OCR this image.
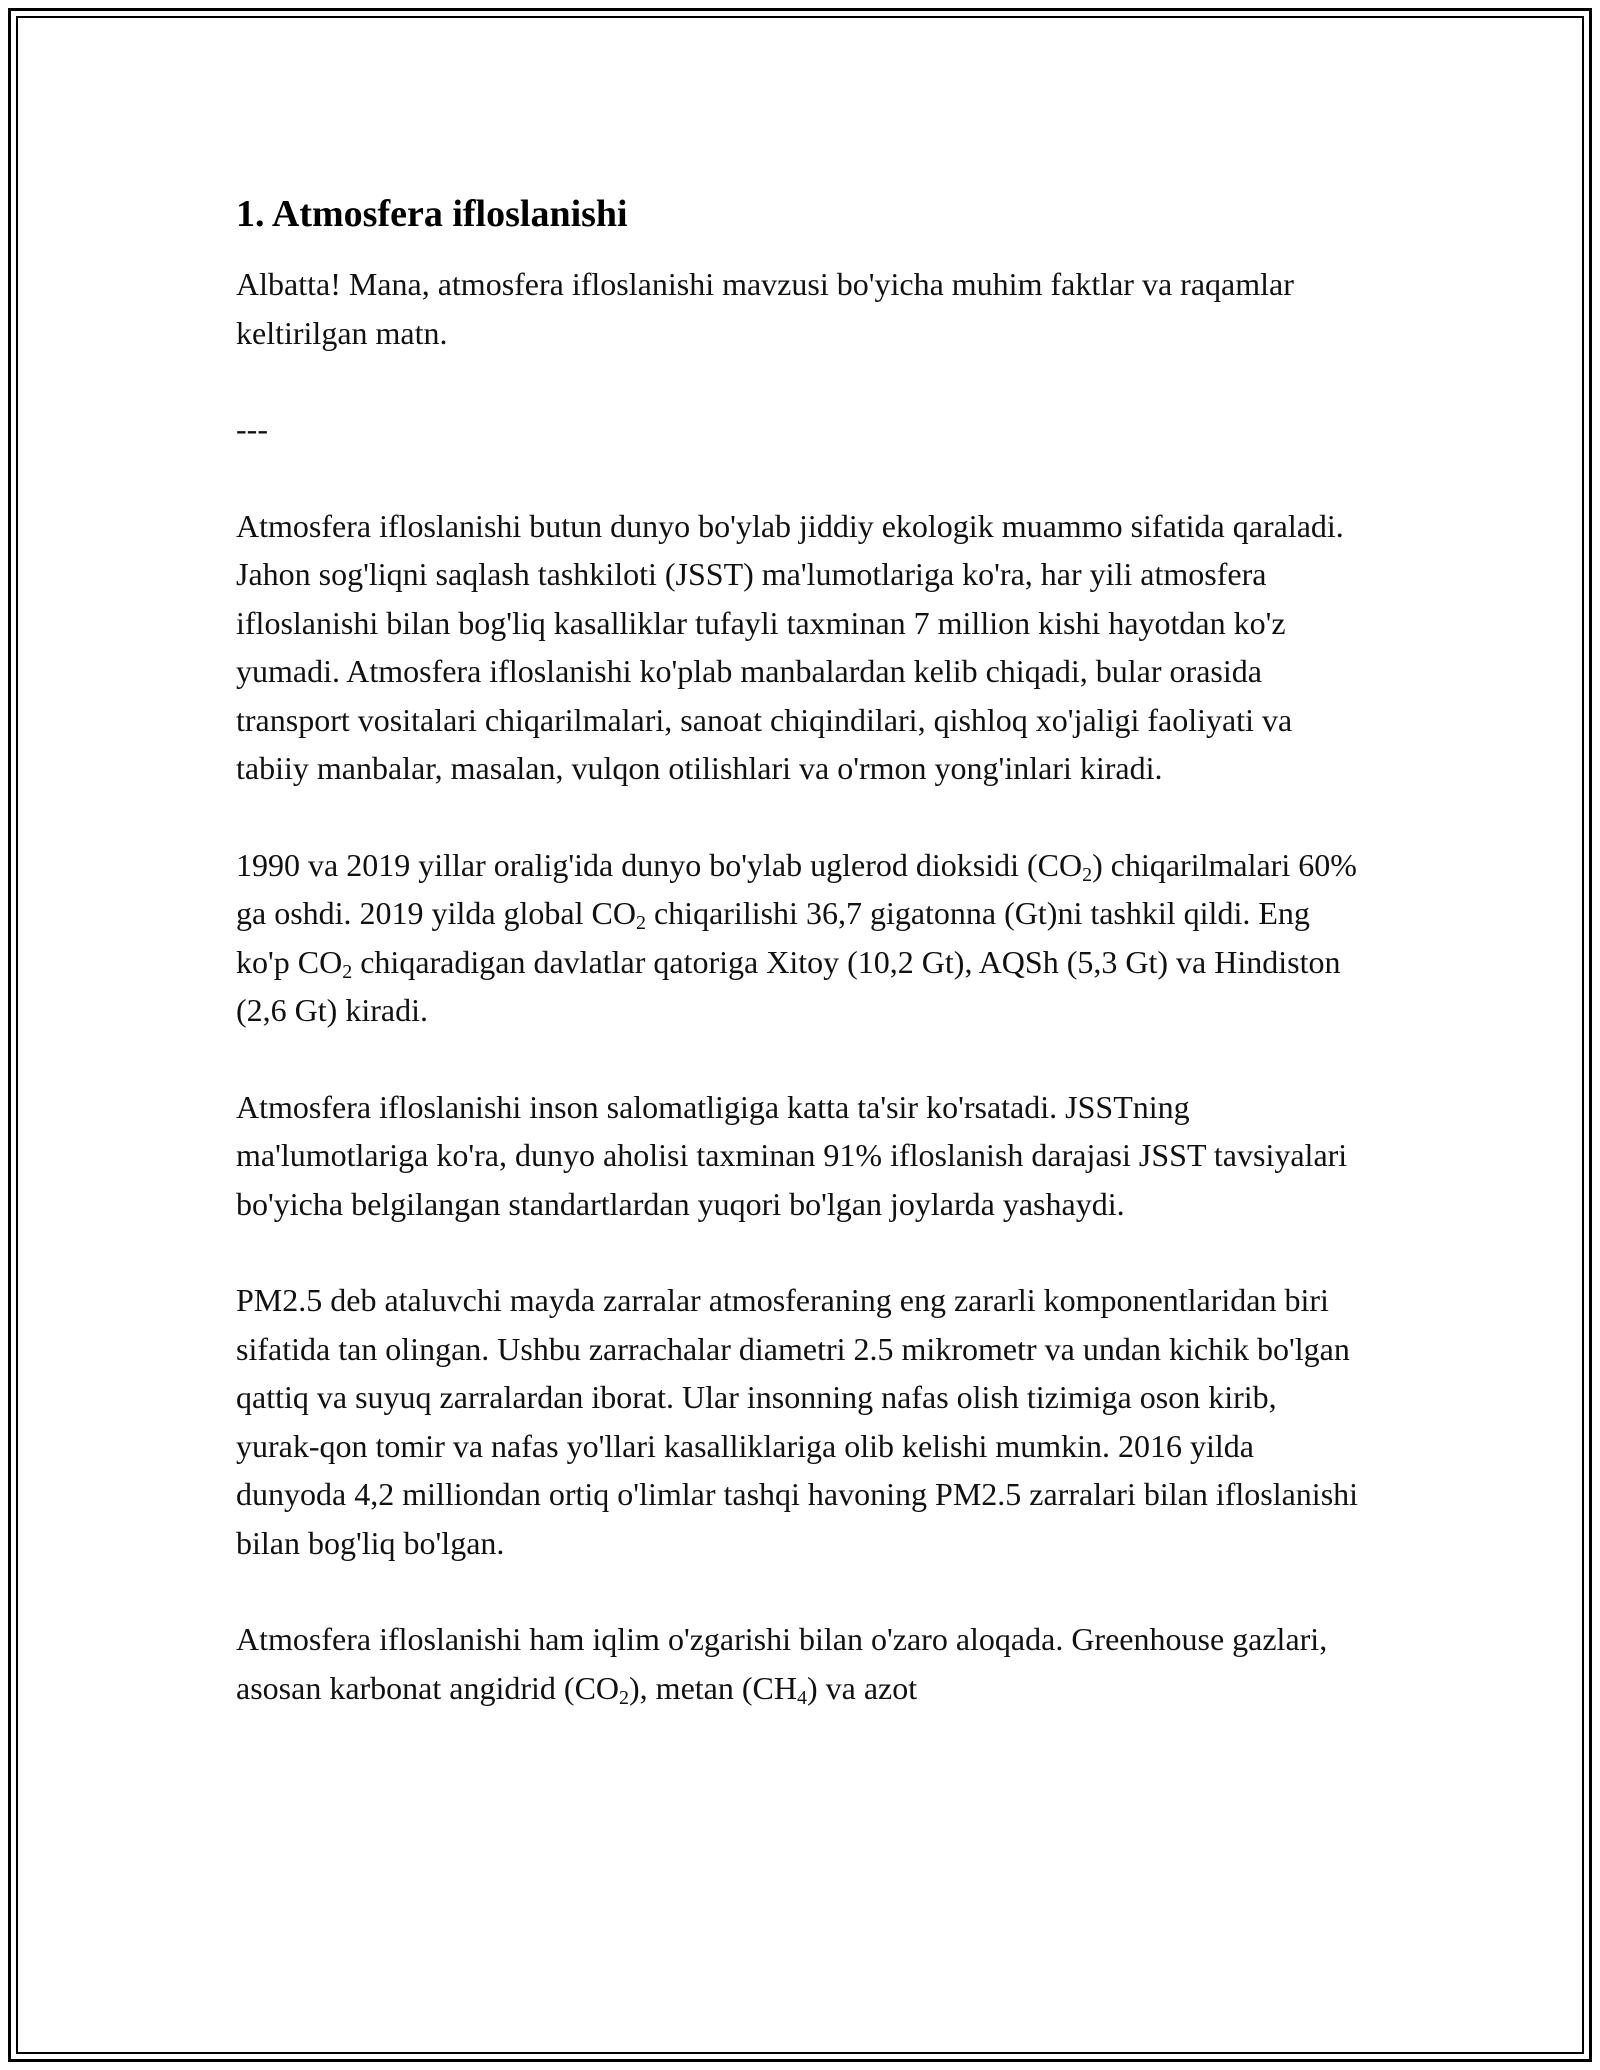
1. Atmosfera ifloslanishi

Albatta! Mana, atmosfera ifloslanishi mavzusi bo'yicha muhim faktlar va raqamlar keltirilgan matn.

---

Atmosfera ifloslanishi butun dunyo bo'ylab jiddiy ekologik muammo sifatida qaraladi. Jahon sog'liqni saqlash tashkiloti (JSST) ma'lumotlariga ko'ra, har yili atmosfera ifloslanishi bilan bog'liq kasalliklar tufayli taxminan 7 million kishi hayotdan ko'z yumadi. Atmosfera ifloslanishi ko'plab manbalardan kelib chiqadi, bular orasida transport vositalari chiqarilmalari, sanoat chiqindilari, qishloq xo'jaligi faoliyati va tabiiy manbalar, masalan, vulqon otilishlari va o'rmon yong'inlari kiradi.

1990 va 2019 yillar oralig'ida dunyo bo'ylab uglerod dioksidi $(CO_2)$ chiqarilmalari 60% ga oshdi. 2019 yilda global $CO_2$ chiqarilishi 36,7 gigatonna (Gt)ni tashkil qildi. Eng ko'p $CO_2$ chiqaradigan davlatlar qatoriga Xitoy (10,2 Gt), AQSh (5,3 Gt) va Hindiston (2,6 Gt) kiradi.

Atmosfera ifloslanishi inson salomatligiga katta ta'sir ko'rsatadi. JSSTning ma'lumotlariga ko'ra, dunyo aholisi taxminan 91% ifloslanish darajasi JSST tavsiyalari bo'yicha belgilangan standartlardan yuqori bo'lgan joylarda yashaydi.

PM2.5 deb ataluvchi mayda zarralar atmosferaning eng zararli komponentlaridan biri sifatida tan olingan. Ushbu zarrachalar diametri 2.5 mikrometr va undan kichik bo'lgan qattiq va suyuq zarralardan iborat. Ular insonning nafas olish tizimiga oson kirib, yurak-qon tomir va nafas yo'llari kasalliklariga olib kelishi mumkin. 2016 yilda dunyoda 4,2 milliondan ortiq o'limlar tashqi havoning PM2.5 zarralari bilan ifloslanishi bilan bog'liq bo'lgan.

Atmosfera ifloslanishi ham iqlim o'zgarishi bilan o'zaro aloqada. Greenhouse gazlari, asosan karbonat angidrid $(CO_2)$, metan $(CH_4)$ va azot
